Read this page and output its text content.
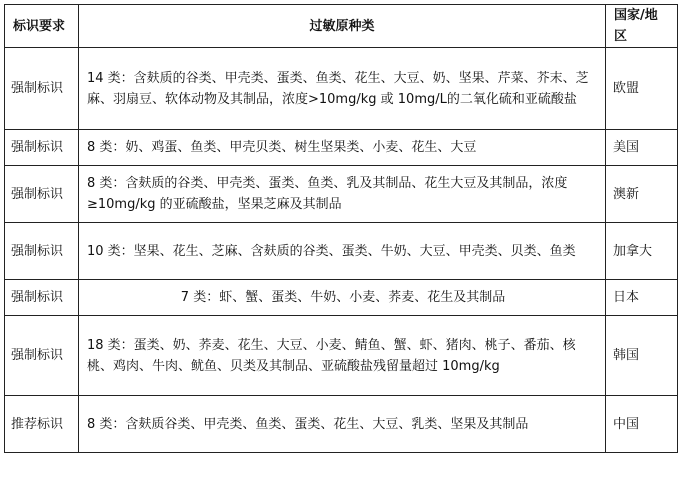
标识要求	过敏原种类	国家/地区
强制标识	14 类：含麸质的谷类、甲壳类、蛋类、鱼类、花生、大豆、奶、坚果、芹菜、芥末、芝麻、羽扇豆、软体动物及其制品，浓度>10mg/kg 或 10mg/L的二氧化硫和亚硫酸盐	欧盟
强制标识	8 类：奶、鸡蛋、鱼类、甲壳贝类、树生坚果类、小麦、花生、大豆	美国
强制标识	8 类：含麸质的谷类、甲壳类、蛋类、鱼类、乳及其制品、花生大豆及其制品，浓度≥10mg/kg 的亚硫酸盐，坚果芝麻及其制品	澳新
强制标识	10 类：坚果、花生、芝麻、含麸质的谷类、蛋类、牛奶、大豆、甲壳类、贝类、鱼类	加拿大
强制标识	7 类：虾、蟹、蛋类、牛奶、小麦、荞麦、花生及其制品	日本
强制标识	18 类：蛋类、奶、荞麦、花生、大豆、小麦、鲭鱼、蟹、虾、猪肉、桃子、番茄、核桃、鸡肉、牛肉、鱿鱼、贝类及其制品、亚硫酸盐残留量超过 10mg/kg	韩国
推荐标识	8 类：含麸质谷类、甲壳类、鱼类、蛋类、花生、大豆、乳类、坚果及其制品	中国
